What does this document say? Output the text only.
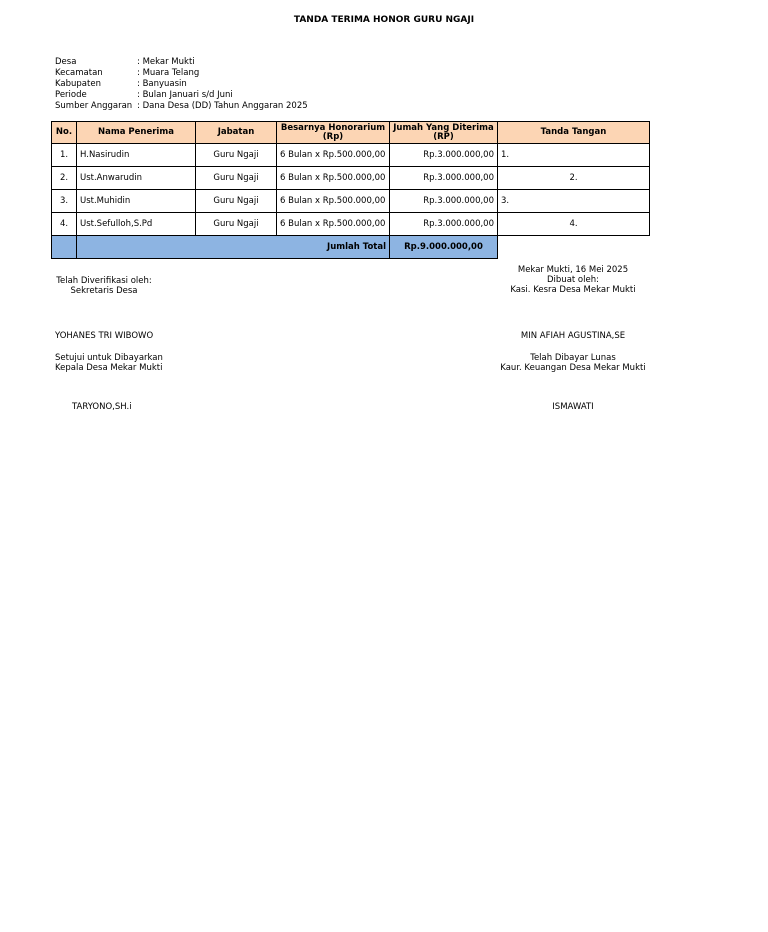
TANDA TERIMA HONOR GURU NGAJI
Desa	: Mekar Mukti
Kecamatan	: Muara Telang
Kabupaten	: Banyuasin
Periode	: Bulan Januari s/d Juni
Sumber Anggaran : Dana Desa (DD) Tahun Anggaran 2025
No.	Nama Penerima	Jabatan	Besarnya Honorarium (Rp)	Jumah Yang Diterima (RP)	Tanda Tangan
1.	H.Nasirudin	Guru Ngaji	6 Bulan x Rp.500.000,00	Rp.3.000.000,00	1.
2.	Ust.Anwarudin	Guru Ngaji	6 Bulan x Rp.500.000,00	Rp.3.000.000,00	2.
3.	Ust.Muhidin	Guru Ngaji	6 Bulan x Rp.500.000,00	Rp.3.000.000,00	3.
4.	Ust.Sefulloh,S.Pd	Guru Ngaji	6 Bulan x Rp.500.000,00	Rp.3.000.000,00	4.
	Jumlah Total			Rp.9.000.000,00	
Telah Diverifikasi oleh:
Sekretaris Desa
YOHANES TRI WIBOWO
Mekar Mukti, 16 Mei 2025
Dibuat oleh:
Kasi. Kesra Desa Mekar Mukti
MIN AFIAH AGUSTINA,SE
Setujui untuk Dibayarkan
Kepala Desa Mekar Mukti
TARYONO,SH.i
Telah Dibayar Lunas
Kaur. Keuangan Desa Mekar Mukti
ISMAWATI
